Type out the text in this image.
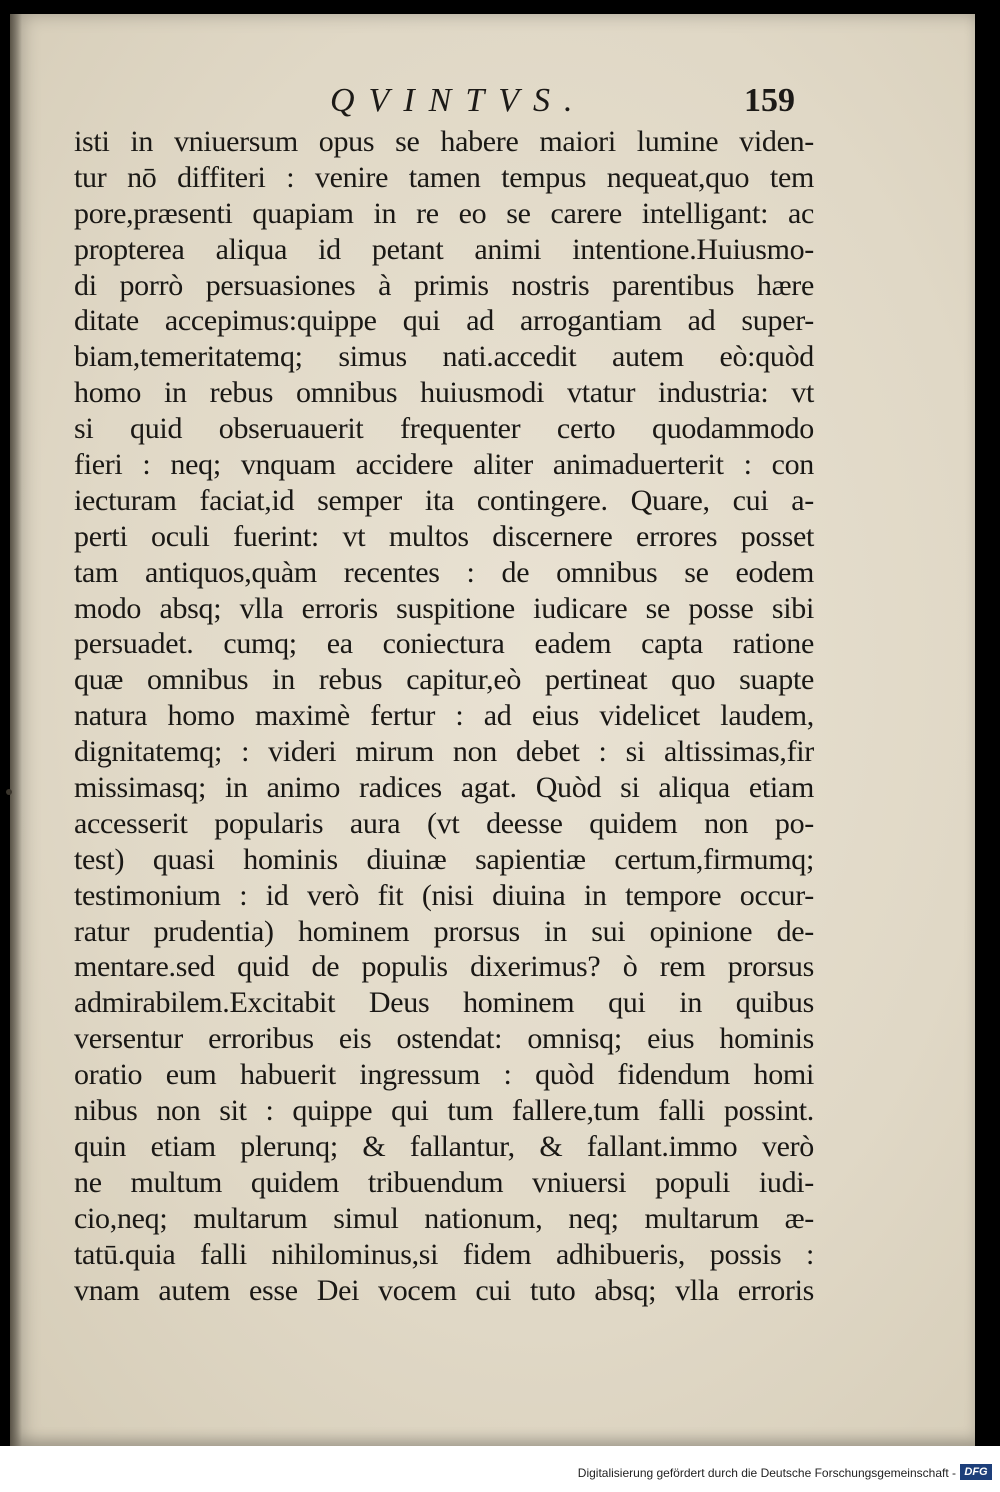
QVINTVS.	159
isti in vniuersum opus se habere maiori lumine viden-
tur nō diffiteri : venire tamen tempus nequeat,quo tem
pore,præsenti quapiam in re eo se carere intelligant: ac
propterea aliqua id petant animi intentione.Huiusmo-
di porrò persuasiones à primis nostris parentibus hære
ditate accepimus:quippe qui ad arrogantiam ad super-
biam,temeritatemq; simus nati.accedit autem eò:quòd
homo in rebus omnibus huiusmodi vtatur industria: vt
si quid obseruauerit frequenter certo quodammodo
fieri : neq; vnquam accidere aliter animaduerterit : con
iecturam faciat,id semper ita contingere. Quare, cui a-
perti oculi fuerint: vt multos discernere errores posset
tam antiquos,quàm recentes : de omnibus se eodem
modo absq; vlla erroris suspitione iudicare se posse sibi
persuadet. cumq; ea coniectura eadem capta ratione
quæ omnibus in rebus capitur,eò pertineat quo suapte
natura homo maximè fertur : ad eius videlicet laudem,
dignitatemq; : videri mirum non debet : si altissimas,fir
missimasq; in animo radices agat. Quòd si aliqua etiam
accesserit popularis aura (vt deesse quidem non po-
test) quasi hominis diuinæ sapientiæ certum,firmumq;
testimonium : id verò fit (nisi diuina in tempore occur-
ratur prudentia) hominem prorsus in sui opinione de-
mentare.sed quid de populis dixerimus? ò rem prorsus
admirabilem.Excitabit Deus hominem qui in quibus
versentur erroribus eis ostendat: omnisq; eius hominis
oratio eum habuerit ingressum : quòd fidendum homi
nibus non sit : quippe qui tum fallere,tum falli possint.
quin etiam plerunq; & fallantur, & fallant.immo verò
ne multum quidem tribuendum vniuersi populi iudi-
cio,neq; multarum simul nationum, neq; multarum æ-
tatū.quia falli nihilominus,si fidem adhibueris, possis :
vnam autem esse Dei vocem cui tuto absq; vlla erroris
Digitalisierung gefördert durch die Deutsche Forschungsgemeinschaft - DFG
